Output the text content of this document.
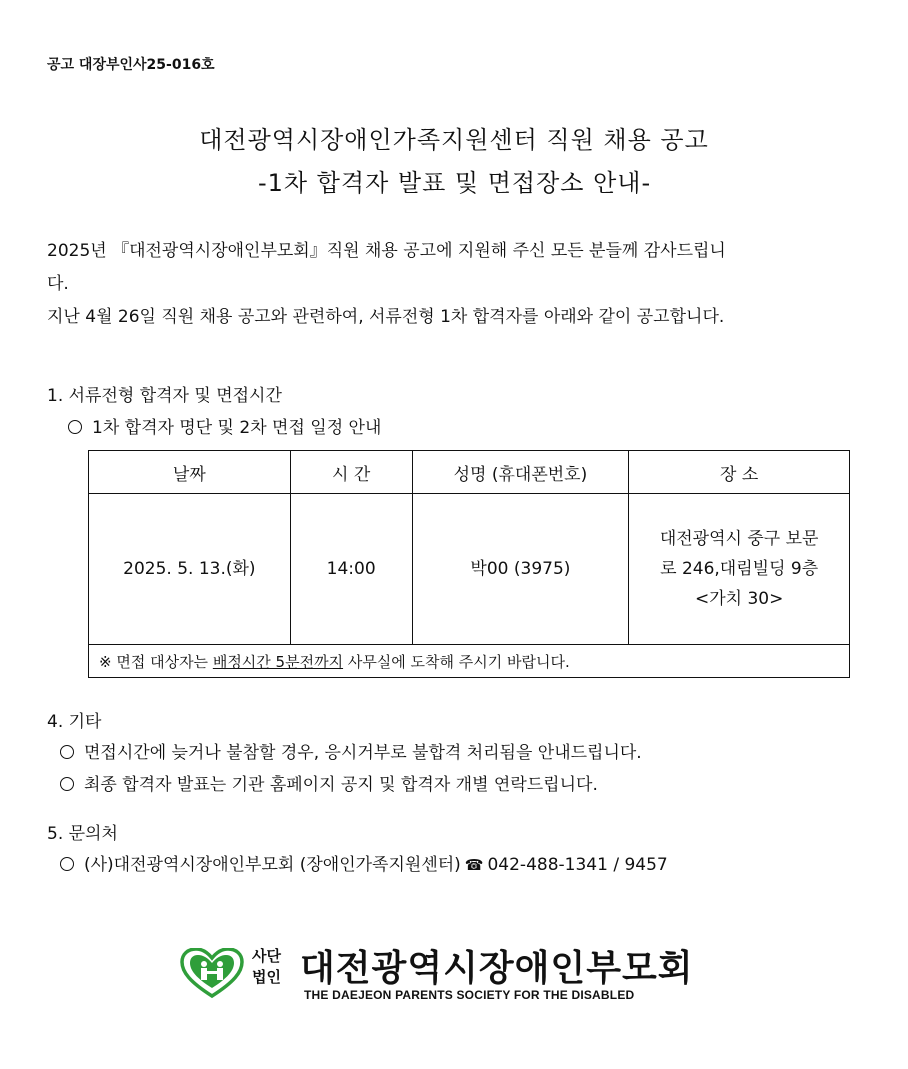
공고 대장부인사25-016호
대전광역시장애인가족지원센터 직원 채용 공고
-1차 합격자 발표 및 면접장소 안내-
2025년 『대전광역시장애인부모회』직원 채용 공고에 지원해 주신 모든 분들께 감사드립니
다.
지난 4월 26일 직원 채용 공고와 관련하여, 서류전형 1차 합격자를 아래와 같이 공고합니다.
1. 서류전형 합격자 및 면접시간
1차 합격자 명단 및 2차 면접 일정 안내
날짜	시 간	성명 (휴대폰번호)	장 소
2025. 5. 13.(화)	14:00	박00 (3975)	대전광역시 중구 보문
로 246,대림빌딩 9층
<가치 30>

※ 면접 대상자는 배정시간 5분전까지 사무실에 도착해 주시기 바랍니다.			
4. 기타
면접시간에 늦거나 불참할 경우, 응시거부로 불합격 처리됨을 안내드립니다.
최종 합격자 발표는 기관 홈페이지 공지 및 합격자 개별 연락드립니다.
5. 문의처
(사)대전광역시장애인부모회 (장애인가족지원센터) ☎ 042-488-1341 / 9457
사단
법인 대전광역시장애인부모회
THE DAEJEON PARENTS SOCIETY FOR THE DISABLED
